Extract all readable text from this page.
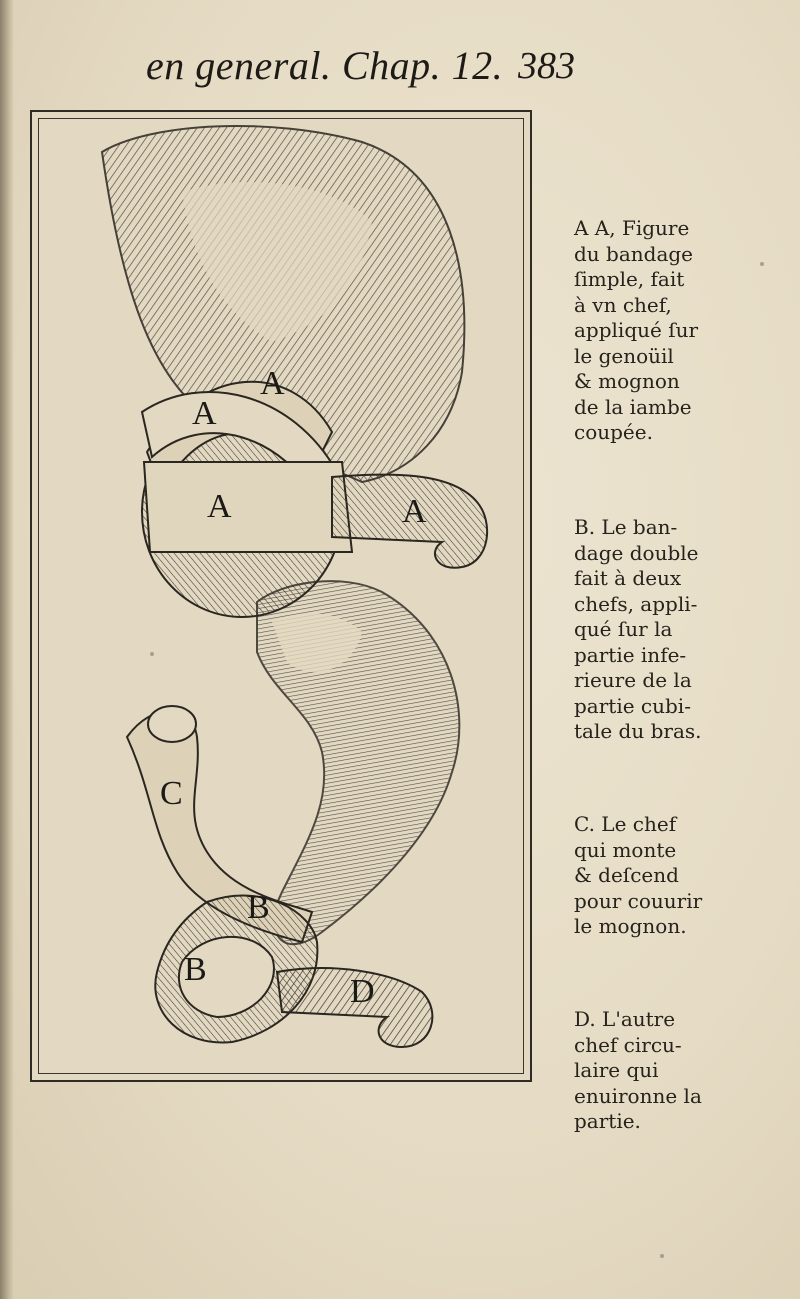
en general. Chap. 12. 383
A
A
A	A
C
B
B
D
A A, Figure
du bandage
ſimple, fait
à vn chef,
appliqué ſur
le genoüil
& mognon
de la iambe
coupée.
B. Le ban-
dage double
fait à deux
chefs, appli-
qué ſur la
partie infe-
rieure de la
partie cubi-
tale du bras.
C. Le chef
qui monte
& deſcend
pour couurir
le mognon.
D. L'autre
chef circu-
laire qui
enuironne la
partie.
